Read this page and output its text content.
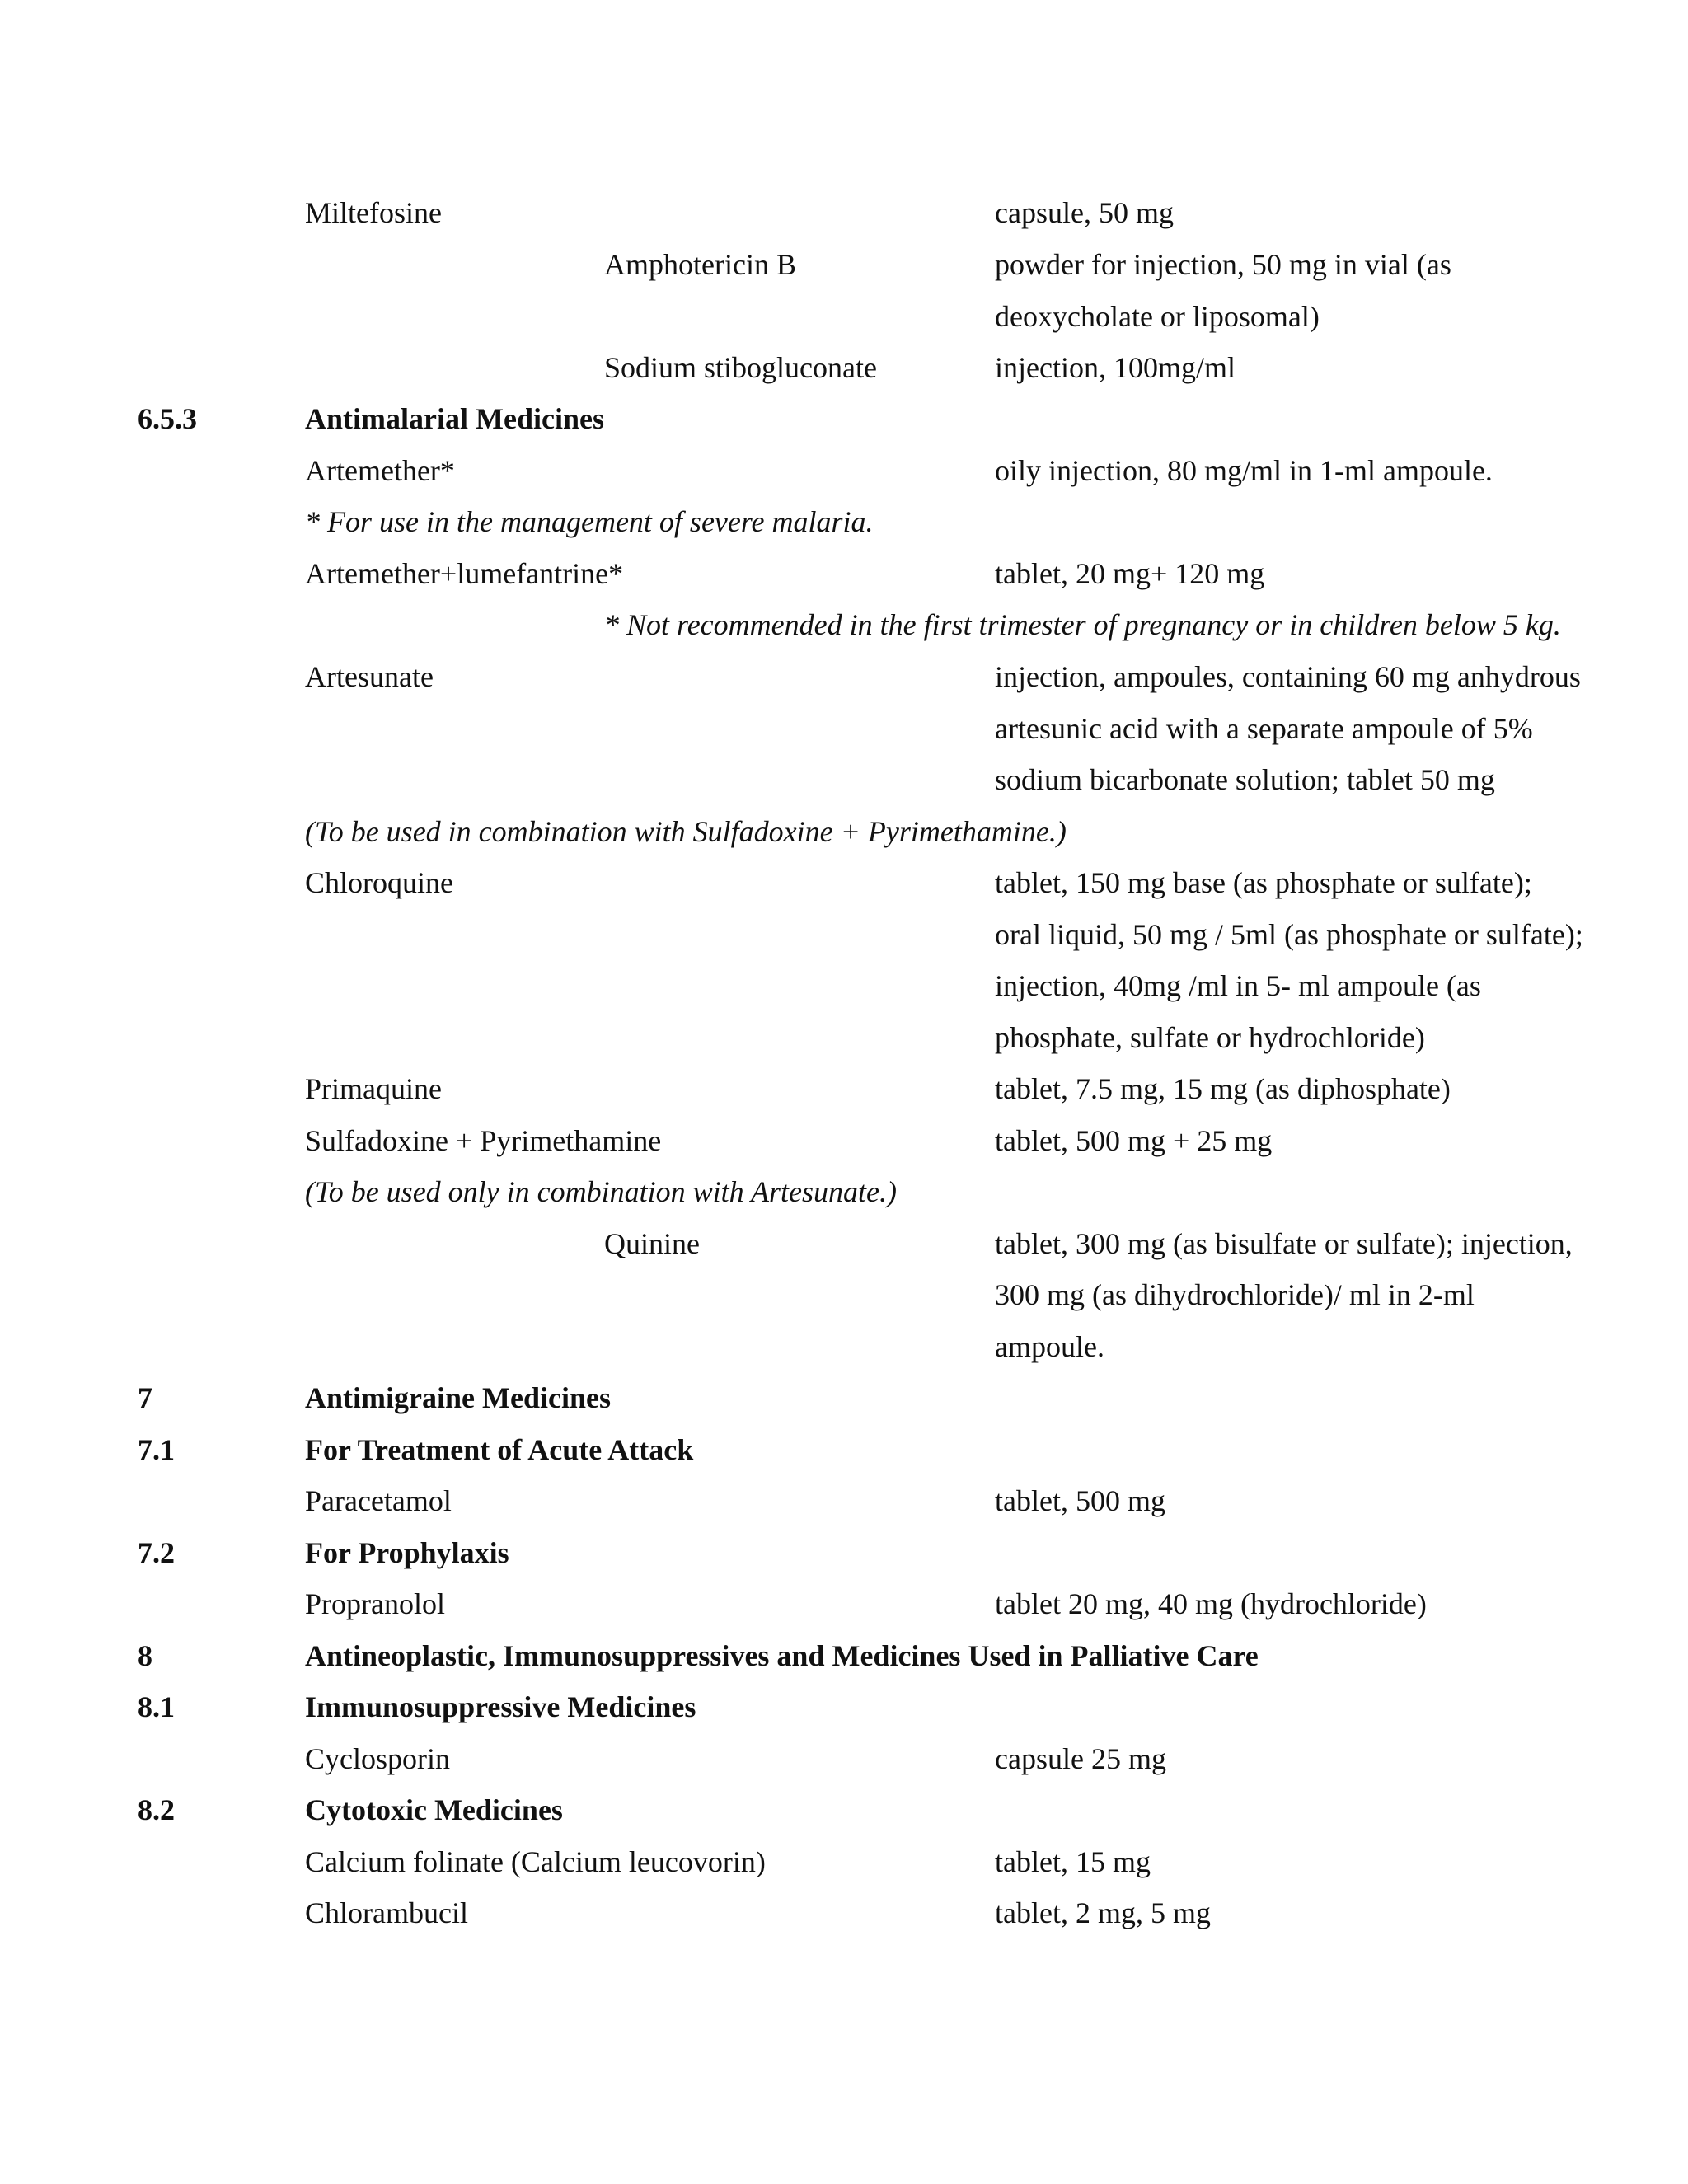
Miltefosine	capsule, 50 mg
Amphotericin B	powder for injection, 50 mg in vial (as
deoxycholate or liposomal)
Sodium stibogluconate	injection, 100mg/ml
6.5.3	Antimalarial Medicines
Artemether*	oily injection, 80 mg/ml in 1-ml ampoule.
* For use in the management of severe malaria.
Artemether+lumefantrine*	tablet, 20 mg+ 120 mg
* Not recommended in the first trimester of pregnancy or in children below 5 kg.
Artesunate	injection, ampoules, containing 60 mg anhydrous
artesunic acid with a separate ampoule of 5%
sodium bicarbonate solution; tablet 50 mg
(To be used in combination with Sulfadoxine + Pyrimethamine.)
Chloroquine	tablet, 150 mg base (as phosphate or sulfate);
oral liquid, 50 mg / 5ml (as phosphate or sulfate);
injection, 40mg /ml in 5- ml ampoule (as
phosphate, sulfate or hydrochloride)
Primaquine	tablet, 7.5 mg, 15 mg (as diphosphate)
Sulfadoxine + Pyrimethamine	tablet, 500 mg + 25 mg
(To be used only in combination with Artesunate.)
Quinine	tablet, 300 mg (as bisulfate or sulfate); injection,
300 mg (as dihydrochloride)/ ml in 2-ml
ampoule.
7	Antimigraine Medicines
7.1	For Treatment of Acute Attack
Paracetamol	tablet, 500 mg
7.2	For Prophylaxis
Propranolol	tablet 20 mg, 40 mg (hydrochloride)
8	Antineoplastic, Immunosuppressives and Medicines Used in Palliative Care
8.1	Immunosuppressive Medicines
Cyclosporin	capsule 25 mg
8.2	Cytotoxic Medicines
Calcium folinate (Calcium leucovorin)	tablet, 15 mg
Chlorambucil	tablet, 2 mg, 5 mg
